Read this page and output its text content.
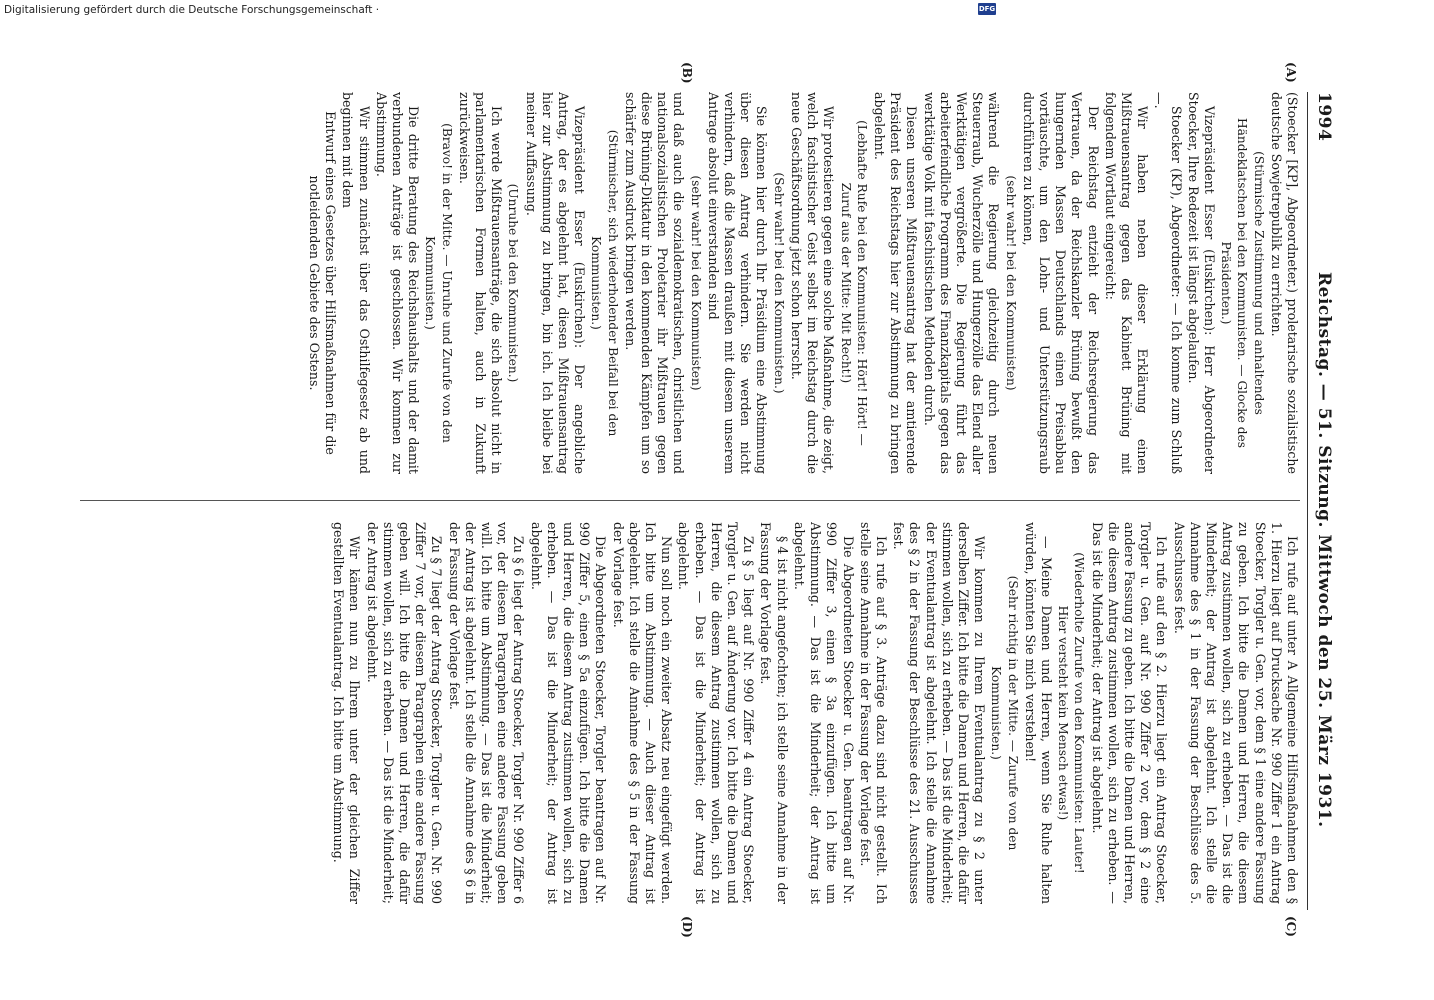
1994
Reichstag. — 51. Sitzung. Mittwoch den 25. März 1931.

(Stoecker [KP], Abgeordneter.) proletarische sozialistische deutsche Sowjetrepublik zu errichten.

(Stürmische Zustimmung und anhaltendes Händeklatschen bei den Kommunisten. — Glocke des Präsidenten.)

Vizepräsident Esser (Euskirchen): Herr Abgeordneter Stoecker, Ihre Redezeit ist längst abgelaufen.

Stoecker (KP), Abgeordneter: — Ich komme zum Schluß —.

Wir haben neben dieser Erklärung einen Mißtrauensantrag gegen das Kabinett Brüning mit folgendem Wortlaut eingereicht:

Der Reichstag entzieht der Reichsregierung das Vertrauen, da der Reichskanzler Brüning bewußt den hungernden Massen Deutschlands einen Preisabbau vortäuschte, um den Lohn- und Unterstützungsraub durchführen zu können,

(sehr wahr! bei den Kommunisten)

während die Regierung gleichzeitig durch neuen Steuerraub, Wucherzölle und Hungerzölle das Elend aller Werktätigen vergrößerte. Die Regierung führt das arbeiterfeindliche Programm des Finanzkapitals gegen das werktätige Volk mit faschistischen Methoden durch.

Diesen unseren Mißtrauensantrag hat der amtierende Präsident des Reichstags hier zur Abstimmung zu bringen abgelehnt.

(Lebhafte Rufe bei den Kommunisten: Hört! Hört! — Zuruf aus der Mitte: Mit Recht!)

Wir protestieren gegen eine solche Maßnahme, die zeigt, welch faschistischer Geist selbst im Reichstag durch die neue Geschäftsordnung jetzt schon herrscht.

(Sehr wahr! bei den Kommunisten.)

Sie können hier durch Ihr Präsidium eine Abstimmung über diesen Antrag verhindern. Sie werden nicht verhindern, daß die Massen draußen mit diesem unserem Antrage absolut einverstanden sind

(sehr wahr! bei den Kommunisten)

und daß auch die sozialdemokratischen, christlichen und nationalsozialistischen Proletarier ihr Mißtrauen gegen diese Brüning-Diktatur in den kommenden Kämpfen um so schärfer zum Ausdruck bringen werden.

(Stürmischer, sich wiederholender Beifall bei den Kommunisten.)

Vizepräsident Esser (Euskirchen): Der angebliche Antrag, der es abgelehnt hat, diesen Mißtrauensantrag hier zur Abstimmung zu bringen, bin ich. Ich bleibe bei meiner Auffassung.

(Unruhe bei den Kommunisten.)

Ich werde Mißtrauensanträge, die sich absolut nicht in parlamentarischen Formen halten, auch in Zukunft zurückweisen.

(Bravo! in der Mitte. — Unruhe und Zurufe von den Kommunisten.)

Die dritte Beratung des Reichshaushalts und der damit verbundenen Anträge ist geschlossen. Wir kommen zur Abstimmung.

Wir stimmen zunächst über das Osthilfegesetz ab und beginnen mit dem

Entwurf eines Gesetzes über Hilfsmaßnahmen für die notleidenden Gebiete des Ostens.

Ich rufe auf unter A Allgemeine Hilfsmaßnahmen den § 1. Hierzu liegt auf Drucksache Nr. 990 Ziffer 1 ein Antrag Stoecker, Torgler u. Gen. vor, dem § 1 eine andere Fassung zu geben. Ich bitte die Damen und Herren, die diesem Antrag zustimmen wollen, sich zu erheben. — Das ist die Minderheit; der Antrag ist abgelehnt. Ich stelle die Annahme des § 1 in der Fassung der Beschlüsse des 5. Ausschusses fest.

Ich rufe auf den § 2. Hierzu liegt ein Antrag Stoecker, Torgler u. Gen. auf Nr. 990 Ziffer 2 vor, dem § 2 eine andere Fassung zu geben. Ich bitte die Damen und Herren, die diesem Antrag zustimmen wollen, sich zu erheben. — Das ist die Minderheit; der Antrag ist abgelehnt.

(Wiederholte Zurufe von den Kommunisten: Lauter! Hier versteht kein Mensch etwas!)

— Meine Damen und Herren, wenn Sie Ruhe halten würden, könnten Sie mich verstehen!

(Sehr richtig in der Mitte. — Zurufe von den Kommunisten.)

Wir kommen zu Ihrem Eventualantrag zu § 2 unter derselben Ziffer. Ich bitte die Damen und Herren, die dafür stimmen wollen, sich zu erheben. — Das ist die Minderheit; der Eventualantrag ist abgelehnt. Ich stelle die Annahme des § 2 in der Fassung der Beschlüsse des 21. Ausschusses fest.

Ich rufe auf § 3. Anträge dazu sind nicht gestellt. Ich stelle seine Annahme in der Fassung der Vorlage fest.

Die Abgeordneten Stoecker u. Gen. beantragen auf Nr. 990 Ziffer 3, einen § 3a einzufügen. Ich bitte um Abstimmung. — Das ist die Minderheit; der Antrag ist abgelehnt.

§ 4 ist nicht angefochten; ich stelle seine Annahme in der Fassung der Vorlage fest.

Zu § 5 liegt auf Nr. 990 Ziffer 4 ein Antrag Stoecker, Torgler u. Gen. auf Änderung vor. Ich bitte die Damen und Herren, die diesem Antrag zustimmen wollen, sich zu erheben. — Das ist die Minderheit; der Antrag ist abgelehnt.

Nun soll noch ein zweiter Absatz neu eingefügt werden. Ich bitte um Abstimmung. — Auch dieser Antrag ist abgelehnt. Ich stelle die Annahme des § 5 in der Fassung der Vorlage fest.

Die Abgeordneten Stoecker, Torgler beantragen auf Nr. 990 Ziffer 5, einen § 5a einzufügen. Ich bitte die Damen und Herren, die diesem Antrag zustimmen wollen, sich zu erheben. — Das ist die Minderheit; der Antrag ist abgelehnt.

Zu § 6 liegt der Antrag Stoecker, Torgler Nr. 990 Ziffer 6 vor, der diesem Paragraphen eine andere Fassung geben will. Ich bitte um Abstimmung. — Das ist die Minderheit; der Antrag ist abgelehnt. Ich stelle die Annahme des § 6 in der Fassung der Vorlage fest.

Zu § 7 liegt der Antrag Stoecker, Torgler u. Gen. Nr. 990 Ziffer 7 vor, der diesem Paragraphen eine andere Fassung geben will. Ich bitte die Damen und Herren, die dafür stimmen wollen, sich zu erheben. — Das ist die Minderheit; der Antrag ist abgelehnt.

Wir kämen nun zu Ihrem unter der gleichen Ziffer gestellten Eventualantrag. Ich bitte um Abstimmung.

(A)
(B)
(C)
(D)
Digitalisierung gefördert durch die Deutsche Forschungsgemeinschaft ·	DFG
